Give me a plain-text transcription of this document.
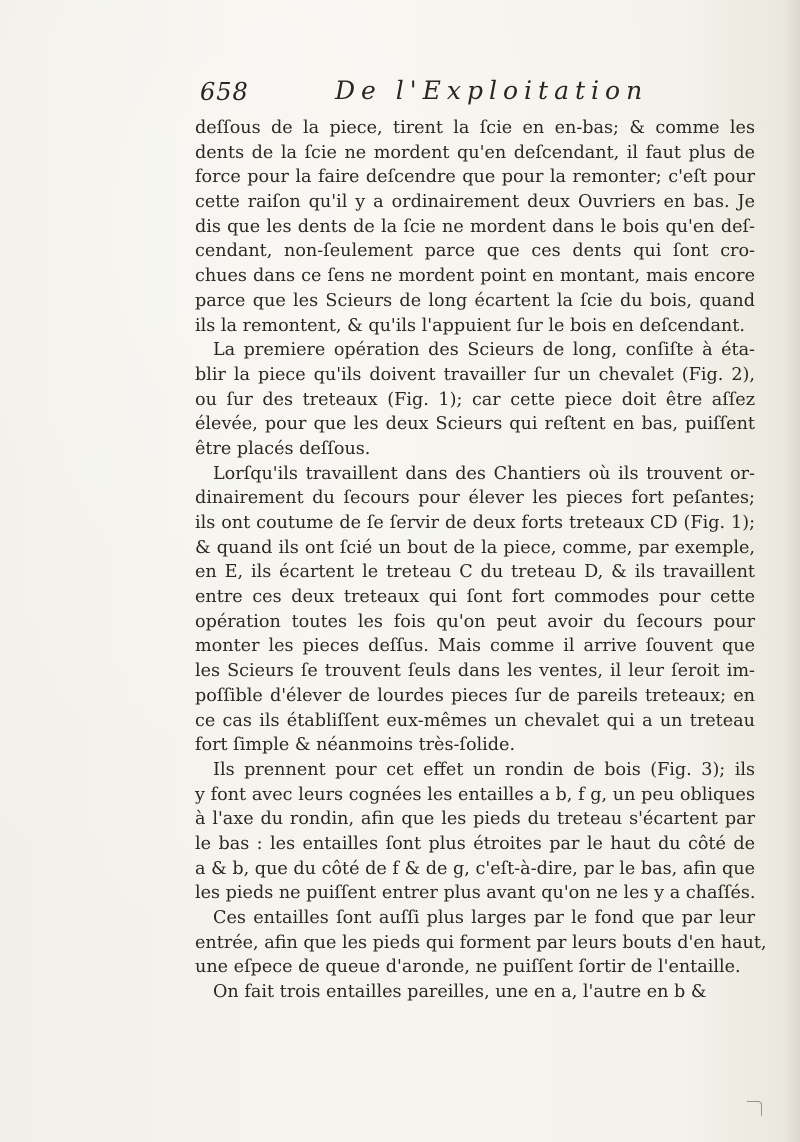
658	De l'Exploitation
deſſous de la piece, tirent la ſcie en en-bas; & comme les
dents de la ſcie ne mordent qu'en deſcendant, il faut plus de
force pour la faire deſcendre que pour la remonter; c'eſt pour
cette raiſon qu'il y a ordinairement deux Ouvriers en bas. Je
dis que les dents de la ſcie ne mordent dans le bois qu'en deſ-
cendant, non-ſeulement parce que ces dents qui ſont cro-
chues dans ce ſens ne mordent point en montant, mais encore
parce que les Scieurs de long écartent la ſcie du bois, quand
ils la remontent, & qu'ils l'appuient ſur le bois en deſcendant.
La premiere opération des Scieurs de long, conſiſte à éta-
blir la piece qu'ils doivent travailler ſur un chevalet (Fig. 2),
ou ſur des treteaux (Fig. 1); car cette piece doit être aſſez
élevée, pour que les deux Scieurs qui reſtent en bas, puiſſent
être placés deſſous.
Lorſqu'ils travaillent dans des Chantiers où ils trouvent or-
dinairement du ſecours pour élever les pieces fort peſantes;
ils ont coutume de ſe ſervir de deux forts treteaux CD (Fig. 1);
& quand ils ont ſcié un bout de la piece, comme, par exemple,
en E, ils écartent le treteau C du treteau D, & ils travaillent
entre ces deux treteaux qui ſont fort commodes pour cette
opération toutes les fois qu'on peut avoir du ſecours pour
monter les pieces deſſus. Mais comme il arrive ſouvent que
les Scieurs ſe trouvent ſeuls dans les ventes, il leur ſeroit im-
poſſible d'élever de lourdes pieces ſur de pareils treteaux; en
ce cas ils établiſſent eux-mêmes un chevalet qui a un treteau
fort ſimple & néanmoins très-ſolide.
Ils prennent pour cet effet un rondin de bois (Fig. 3); ils
y font avec leurs cognées les entailles a b, f g, un peu obliques
à l'axe du rondin, afin que les pieds du treteau s'écartent par
le bas : les entailles ſont plus étroites par le haut du côté de
a & b, que du côté de f & de g, c'eſt-à-dire, par le bas, afin que
les pieds ne puiſſent entrer plus avant qu'on ne les y a chaſſés.
Ces entailles ſont auſſi plus larges par le fond que par leur
entrée, afin que les pieds qui forment par leurs bouts d'en haut,
une eſpece de queue d'aronde, ne puiſſent ſortir de l'entaille.
On fait trois entailles pareilles, une en a, l'autre en b &
